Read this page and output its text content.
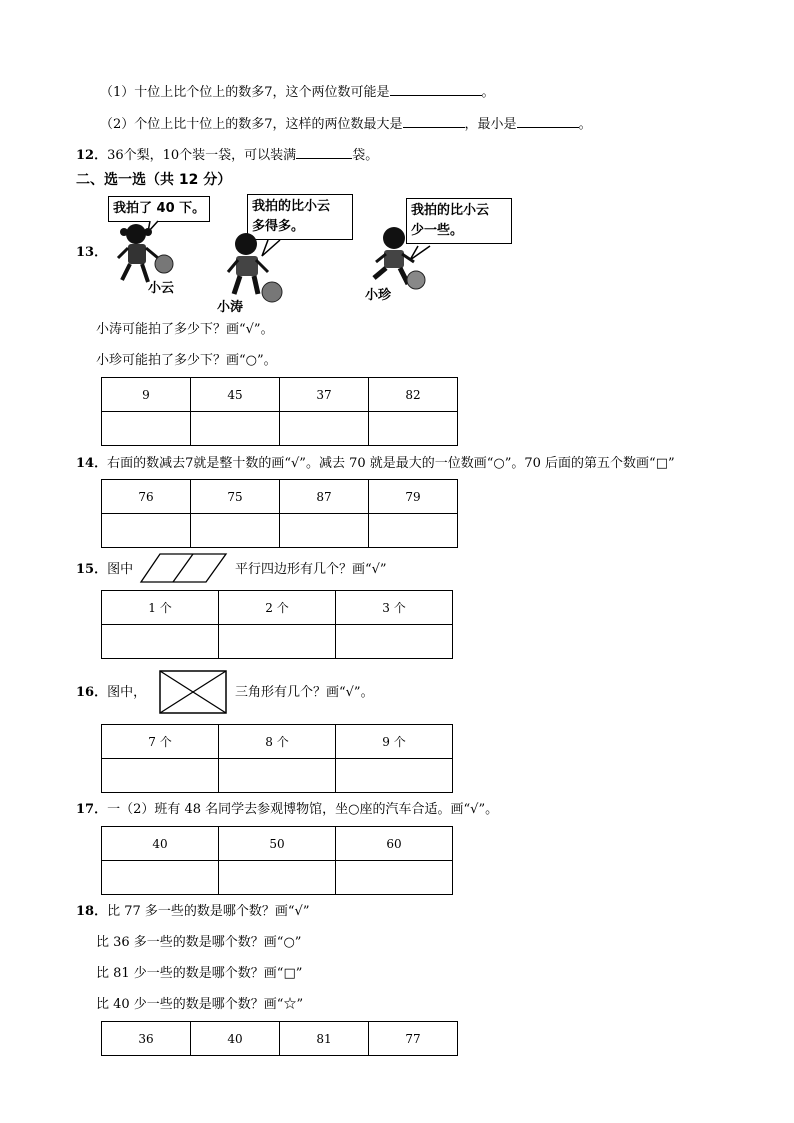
（1）十位上比个位上的数多7，这个两位数可能是	。
（2）个位上比十位上的数多7，这样的两位数最大是	，最小是	。
12．36个梨，10个装一袋，可以装满	袋。
二、选一选（共 12 分）
13．
我拍了 40 下。	我拍的比小云
多得多。
我拍的比小云
少一些。
小云
小涛
小珍
小涛可能拍了多少下？画“√”。
小珍可能拍了多少下？画“○”。
9	45	37	82

14．右面的数减去7就是整十数的画“√”。减去 70 就是最大的一位数画“○”。70 后面的第五个数画“□”
76	75	87	79

15．图中	平行四边形有几个？画“√”
1 个	2 个	3 个

16．图中，	三角形有几个？画“√”。
7 个	8 个	9 个

17．一（2）班有 48 名同学去参观博物馆，坐○座的汽车合适。画“√”。
40	50	60

18．比 77 多一些的数是哪个数？画“√”
比 36 多一些的数是哪个数？画“○”
比 81 少一些的数是哪个数？画“□”
比 40 少一些的数是哪个数？画“☆”
36	40	81	77
